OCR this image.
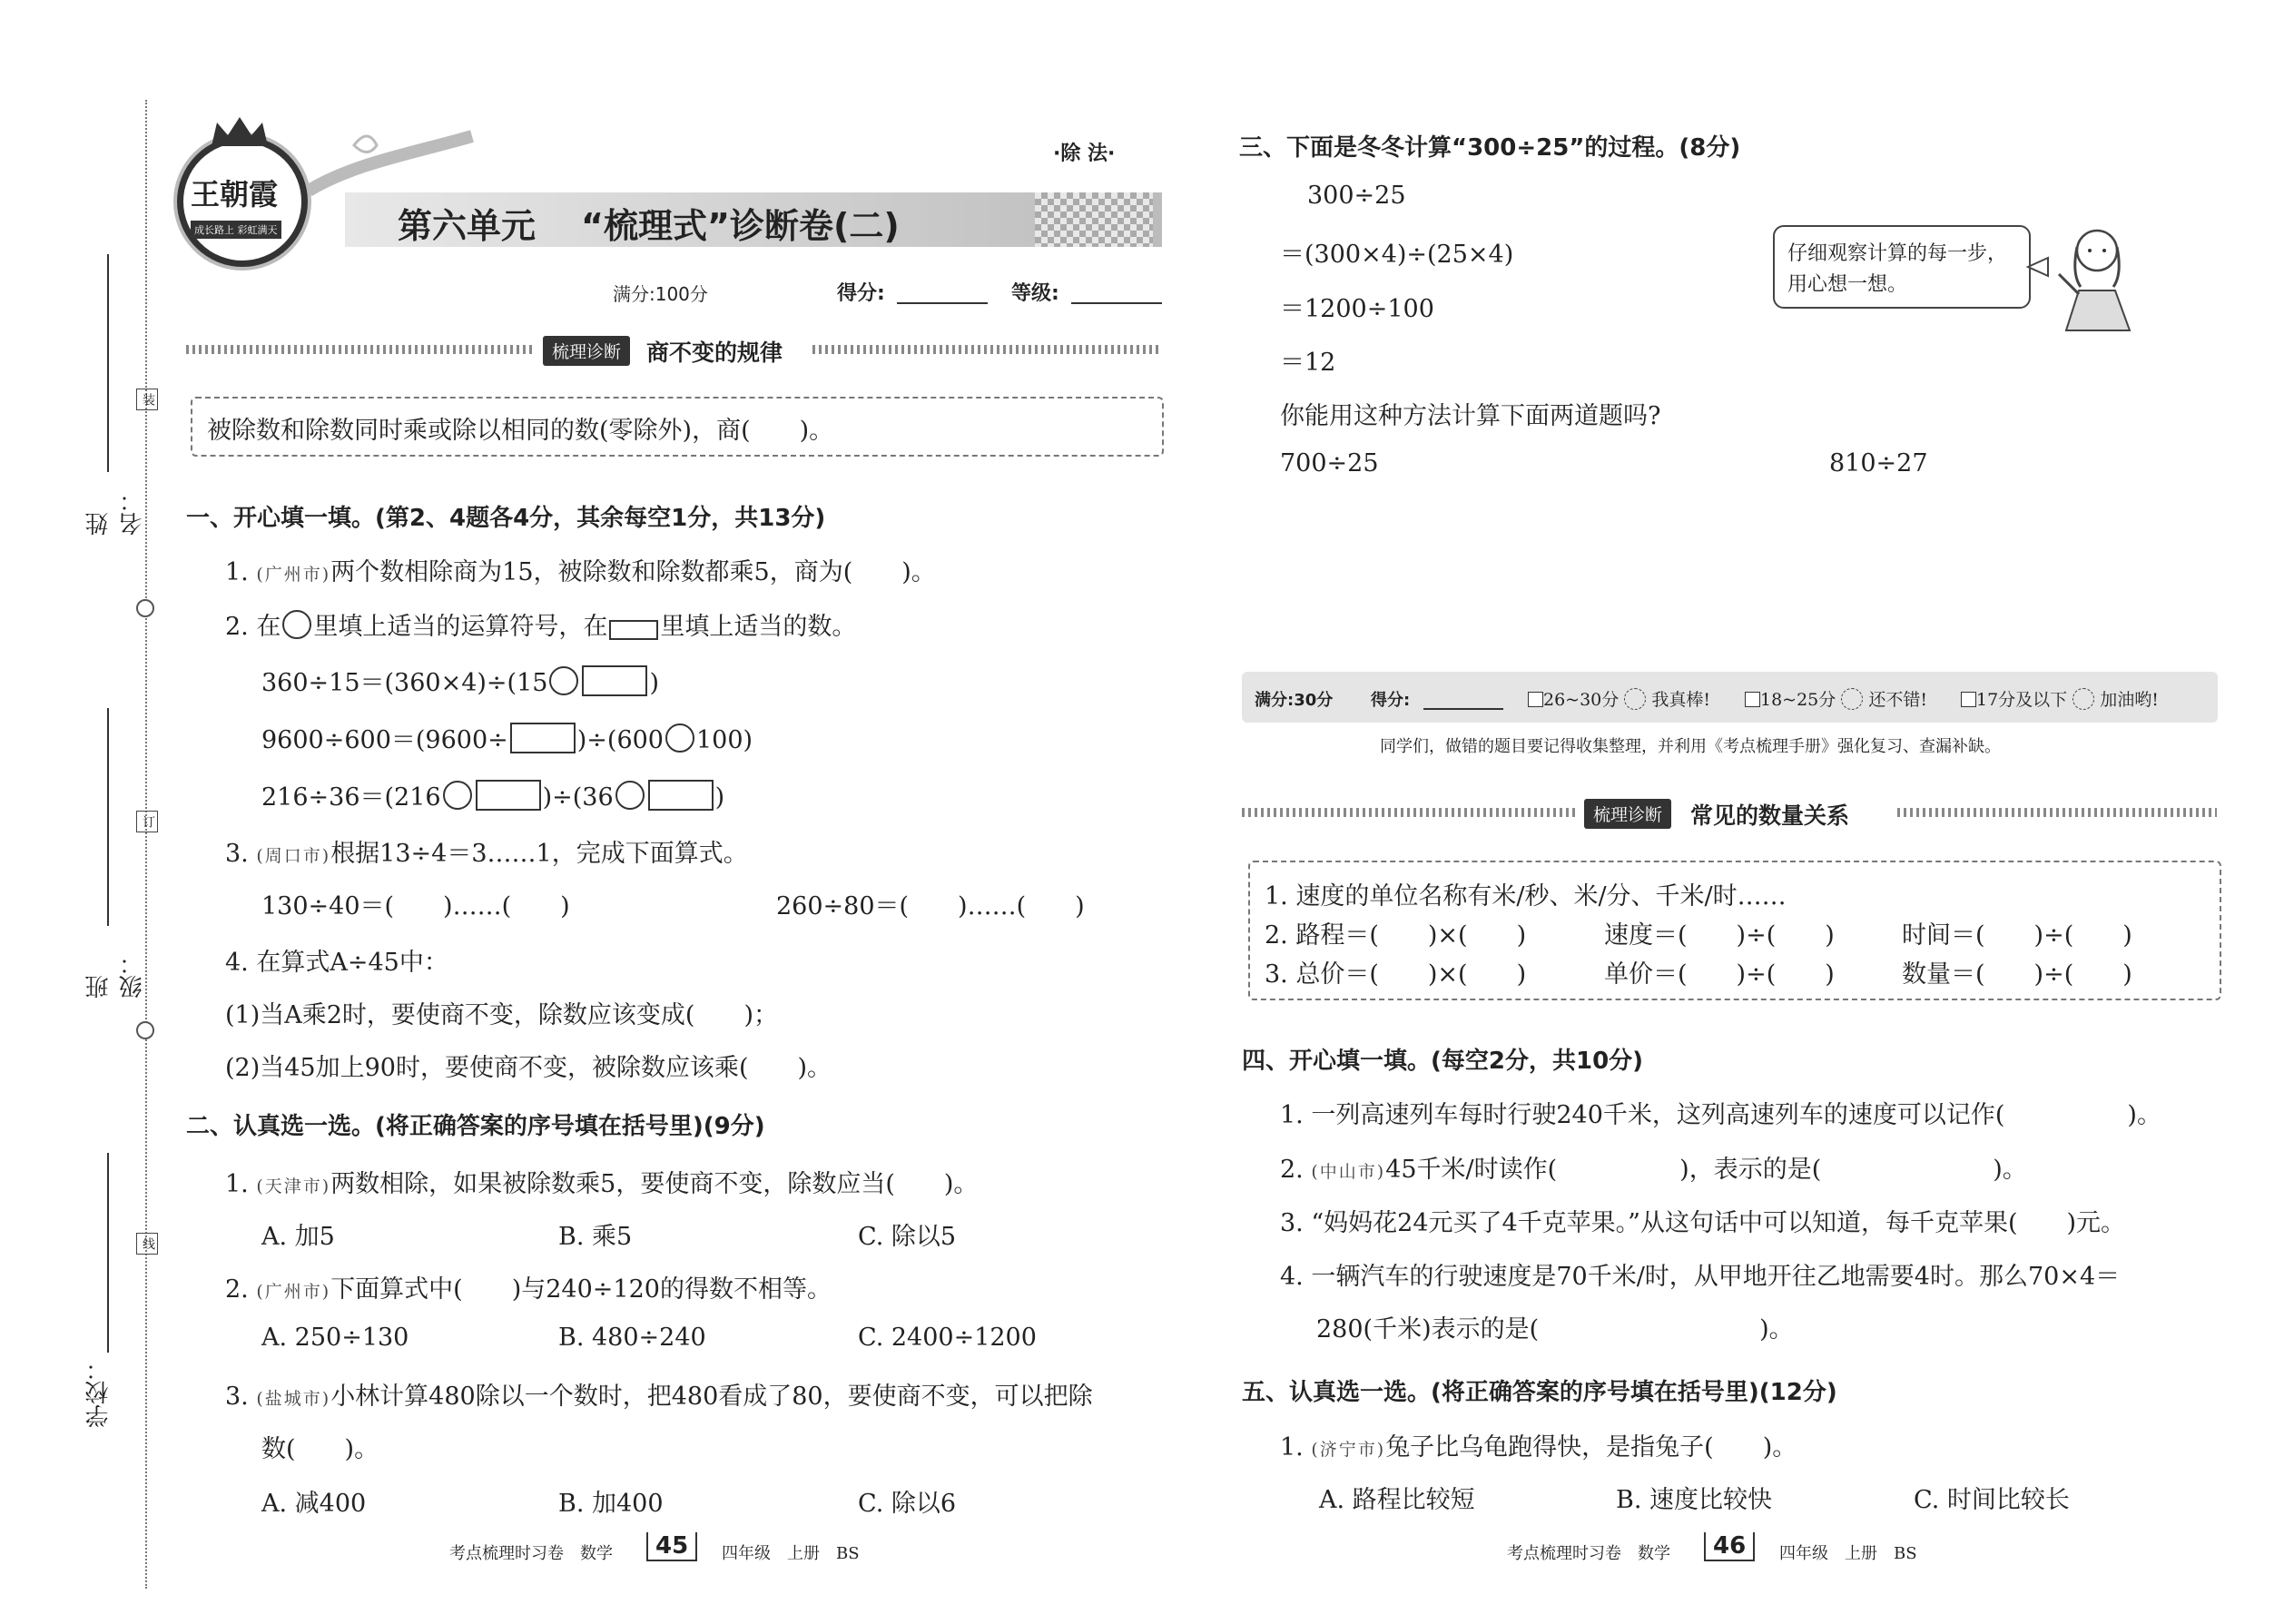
装
订
线
姓名：
班级：
学校：
王朝霞
成长路上 彩虹满天
·除 法·
第六单元 “梳理式”诊断卷(二)
满分:100分	得分:	等级:
梳理诊断	商不变的规律
被除数和除数同时乘或除以相同的数(零除外)，商(　　)。
一、开心填一填。(第2、4题各4分，其余每空1分，共13分)
1. (广州市)两个数相除商为15，被除数和除数都乘5，商为(　　)。
2. 在 里填上适当的运算符号，在 里填上适当的数。
360÷15＝(360×4)÷(15	)
9600÷600＝(9600÷	)÷(600 100)
216÷36＝(216	)÷(36	)
3. (周口市)根据13÷4＝3……1，完成下面算式。
130÷40＝(　　)……(　　)	260÷80＝(　　)……(　　)
4. 在算式A÷45中：
(1)当A乘2时，要使商不变，除数应该变成(　　)；
(2)当45加上90时，要使商不变，被除数应该乘(　　)。
二、认真选一选。(将正确答案的序号填在括号里)(9分)
1. (天津市)两数相除，如果被除数乘5，要使商不变，除数应当(　　)。
A. 加5	B. 乘5	C. 除以5
2. (广州市)下面算式中(　　)与240÷120的得数不相等。
A. 250÷130	B. 480÷240	C. 2400÷1200
3. (盐城市)小林计算480除以一个数时，把480看成了80，要使商不变，可以把除
数(　　)。
A. 减400	B. 加400	C. 除以6
考点梳理时习卷　数学	45	四年级　上册　BS
三、下面是冬冬计算“300÷25”的过程。(8分)
300÷25
＝(300×4)÷(25×4)
＝1200÷100
＝12
仔细观察计算的每一步，
用心想一想。
你能用这种方法计算下面两道题吗?
700÷25	810÷27
满分:30分 得分:	26~30分 我真棒!	18~25分 还不错!	17分及以下 加油哟!
同学们，做错的题目要记得收集整理，并利用《考点梳理手册》强化复习、查漏补缺。
梳理诊断	常见的数量关系
1. 速度的单位名称有米/秒、米/分、千米/时……
2. 路程＝(　　)×(　　)	速度＝(　　)÷(　　)	时间＝(　　)÷(　　)
3. 总价＝(　　)×(　　)	单价＝(　　)÷(　　)	数量＝(　　)÷(　　)
四、开心填一填。(每空2分，共10分)
1. 一列高速列车每时行驶240千米，这列高速列车的速度可以记作(　　　　　)。
2. (中山市)45千米/时读作(　　　　　)，表示的是(　　　　　　　)。
3. “妈妈花24元买了4千克苹果。”从这句话中可以知道，每千克苹果(　　)元。
4. 一辆汽车的行驶速度是70千米/时，从甲地开往乙地需要4时。那么70×4＝
280(千米)表示的是(　　　　　　　　　)。
五、认真选一选。(将正确答案的序号填在括号里)(12分)
1. (济宁市)兔子比乌龟跑得快，是指兔子(　　)。
A. 路程比较短	B. 速度比较快	C. 时间比较长
考点梳理时习卷　数学	46	四年级　上册　BS
